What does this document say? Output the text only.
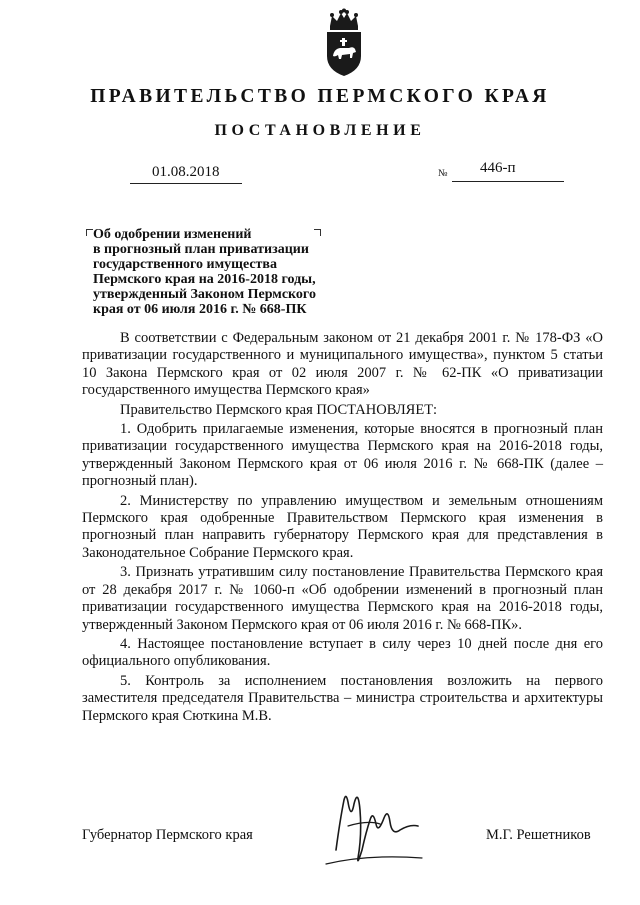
ПРАВИТЕЛЬСТВО ПЕРМСКОГО КРАЯ
ПОСТАНОВЛЕНИЕ
01.08.2018	№ 446-п
Об одобрении изменений
в прогнозный план приватизации
государственного имущества
Пермского края на 2016-2018 годы,
утвержденный Законом Пермского
края от 06 июля 2016 г. № 668-ПК

В соответствии с Федеральным законом от 21 декабря 2001 г. № 178-ФЗ «О приватизации государственного и муниципального имущества», пунктом 5 статьи 10 Закона Пермского края от 02 июля 2007 г. № 62-ПК «О приватизации государственного имущества Пермского края»

Правительство Пермского края ПОСТАНОВЛЯЕТ:

1. Одобрить прилагаемые изменения, которые вносятся в прогнозный план приватизации государственного имущества Пермского края на 2016-2018 годы, утвержденный Законом Пермского края от 06 июля 2016 г. № 668-ПК (далее – прогнозный план).

2. Министерству по управлению имуществом и земельным отношениям Пермского края одобренные Правительством Пермского края изменения в прогнозный план направить губернатору Пермского края для представления в Законодательное Собрание Пермского края.

3. Признать утратившим силу постановление Правительства Пермского края от 28 декабря 2017 г. № 1060-п «Об одобрении изменений в прогнозный план приватизации государственного имущества Пермского края на 2016-2018 годы, утвержденный Законом Пермского края от 06 июля 2016 г. № 668-ПК».

4. Настоящее постановление вступает в силу через 10 дней после дня его официального опубликования.

5. Контроль за исполнением постановления возложить на первого заместителя председателя Правительства – министра строительства и архитектуры Пермского края Сюткина М.В.

Губернатор Пермского края	М.Г. Решетников
